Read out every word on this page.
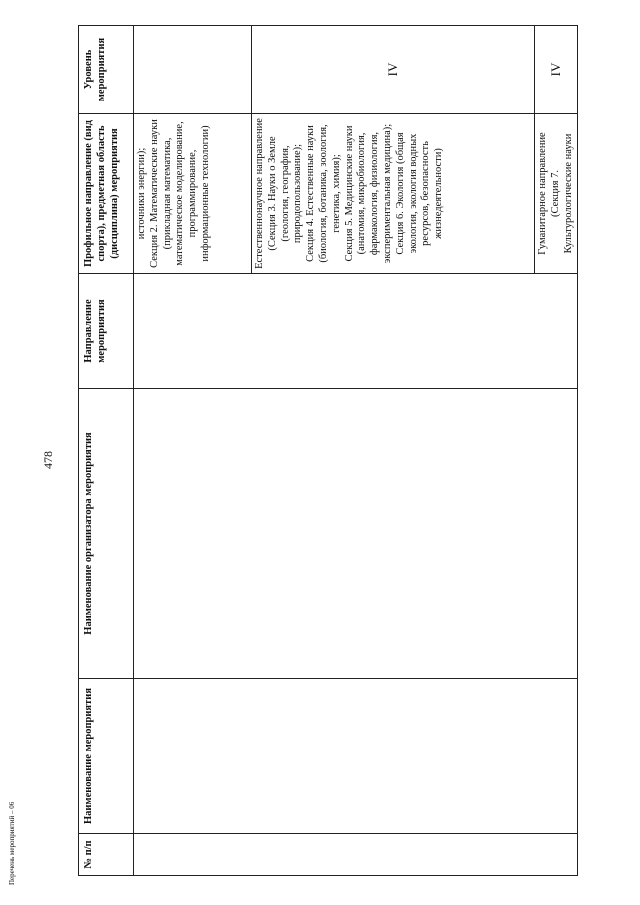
478
Перечень мероприятий – 06	№ п/п	Наименование мероприятия	Наименование организатора мероприятия	Направление мероприятия	Профильное направление (вид спорта), предметная область (дисциплина) мероприятия	Уровень мероприятия

				источники энергии);
Секция 2. Математические науки (прикладная математика, математическое моделирование, программирование, информационные технологии)	

				Естественнонаучное направление
(Секция 3. Науки о Земле (геология, география, природопользование);
Секция 4. Естественные науки (биология, ботаника, зоология, генетика, химия);
Секция 5. Медицинские науки (анатомия, микробиология, фармакология, физиология, экспериментальная медицина);
Секция 6. Экология (общая экология, экология водных ресурсов, безопасность жизнедеятельности)	IV

				Гуманитарное направление (Секция 7.
Культурологические науки	IV
